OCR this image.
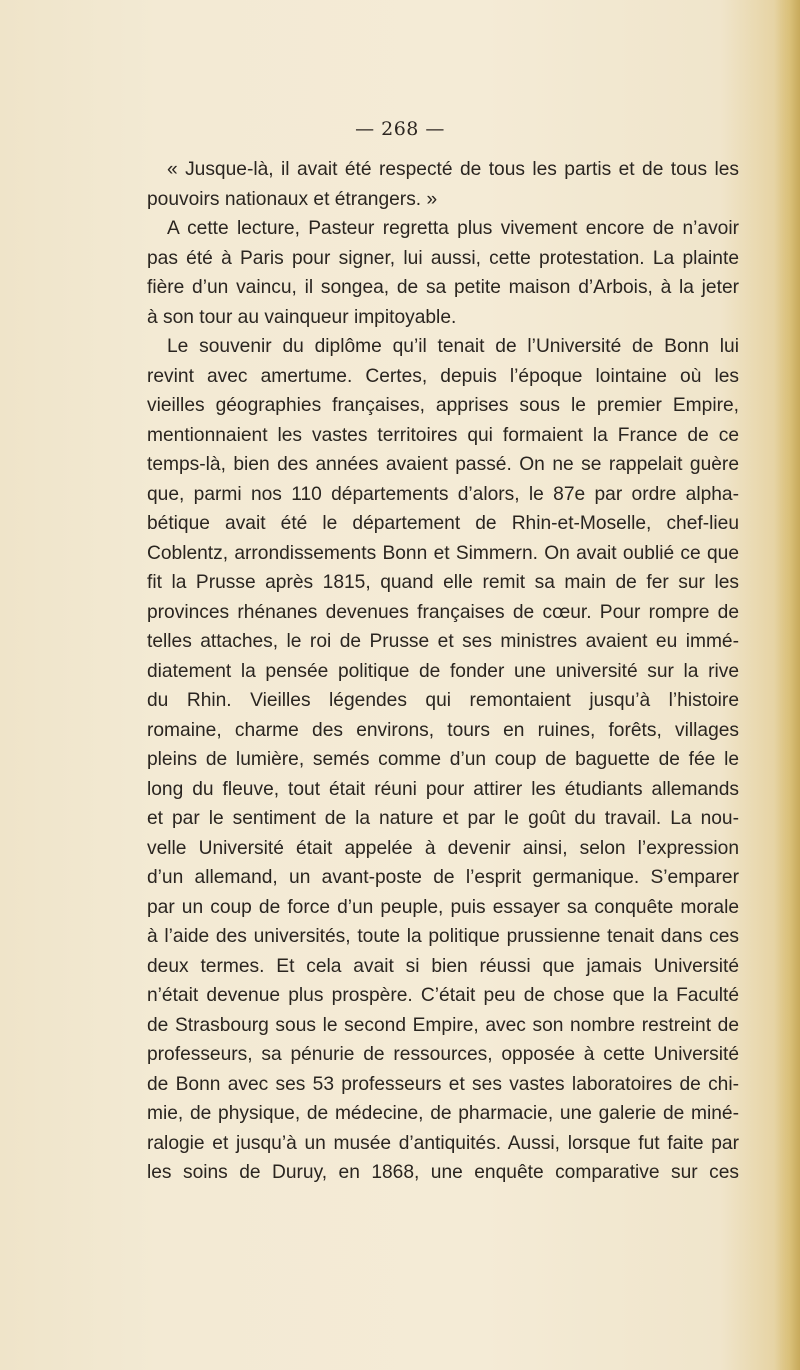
— 268 —
« Jusque-là, il avait été respecté de tous les partis et de tous les
pouvoirs nationaux et étrangers. »
A cette lecture, Pasteur regretta plus vivement encore de n’avoir
pas été à Paris pour signer, lui aussi, cette protestation. La plainte
fière d’un vaincu, il songea, de sa petite maison d’Arbois, à la jeter
à son tour au vainqueur impitoyable.
Le souvenir du diplôme qu’il tenait de l’Université de Bonn lui
revint avec amertume. Certes, depuis l’époque lointaine où les
vieilles géographies françaises, apprises sous le premier Empire,
mentionnaient les vastes territoires qui formaient la France de ce
temps-là, bien des années avaient passé. On ne se rappelait guère
que, parmi nos 110 départements d’alors, le 87e par ordre alpha-
bétique avait été le département de Rhin-et-Moselle, chef-lieu
Coblentz, arrondissements Bonn et Simmern. On avait oublié ce que
fit la Prusse après 1815, quand elle remit sa main de fer sur les
provinces rhénanes devenues françaises de cœur. Pour rompre de
telles attaches, le roi de Prusse et ses ministres avaient eu immé-
diatement la pensée politique de fonder une université sur la rive
du Rhin. Vieilles légendes qui remontaient jusqu’à l’histoire
romaine, charme des environs, tours en ruines, forêts, villages
pleins de lumière, semés comme d’un coup de baguette de fée le
long du fleuve, tout était réuni pour attirer les étudiants allemands
et par le sentiment de la nature et par le goût du travail. La nou-
velle Université était appelée à devenir ainsi, selon l’expression
d’un allemand, un avant-poste de l’esprit germanique. S’emparer
par un coup de force d’un peuple, puis essayer sa conquête morale
à l’aide des universités, toute la politique prussienne tenait dans ces
deux termes. Et cela avait si bien réussi que jamais Université
n’était devenue plus prospère. C’était peu de chose que la Faculté
de Strasbourg sous le second Empire, avec son nombre restreint de
professeurs, sa pénurie de ressources, opposée à cette Université
de Bonn avec ses 53 professeurs et ses vastes laboratoires de chi-
mie, de physique, de médecine, de pharmacie, une galerie de miné-
ralogie et jusqu’à un musée d’antiquités. Aussi, lorsque fut faite par
les soins de Duruy, en 1868, une enquête comparative sur ces
